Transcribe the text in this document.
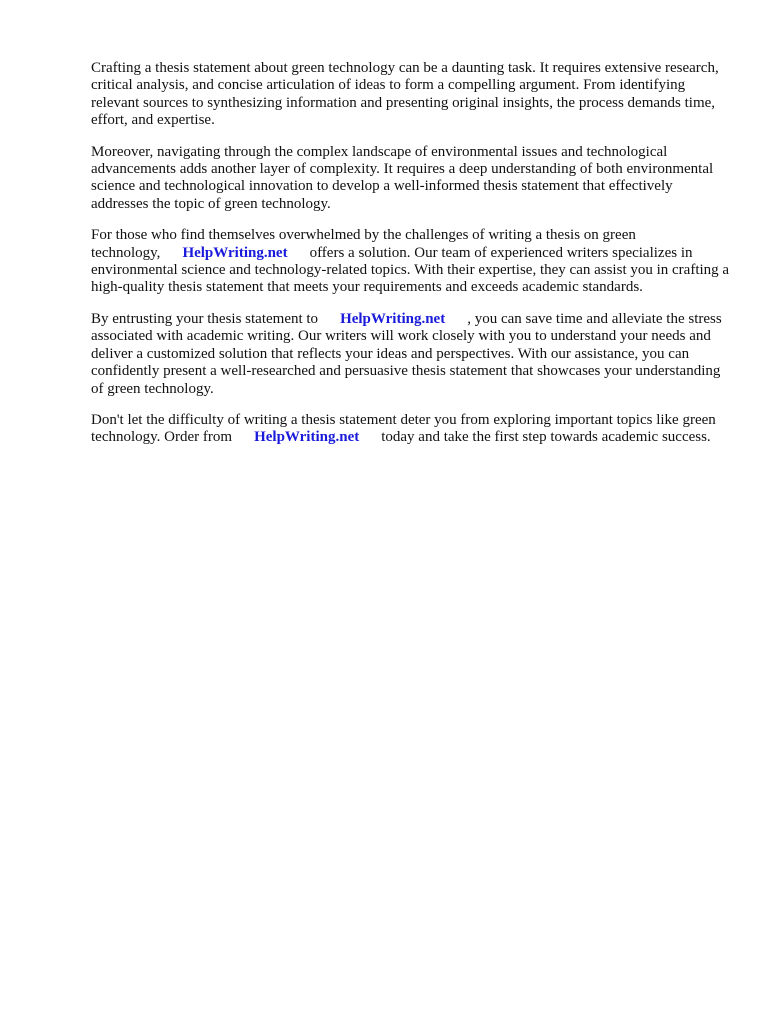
Crafting a thesis statement about green technology can be a daunting task. It requires extensive research, critical analysis, and concise articulation of ideas to form a compelling argument. From identifying relevant sources to synthesizing information and presenting original insights, the process demands time, effort, and expertise.

Moreover, navigating through the complex landscape of environmental issues and technological advancements adds another layer of complexity. It requires a deep understanding of both environmental science and technological innovation to develop a well-informed thesis statement that effectively addresses the topic of green technology.

For those who find themselves overwhelmed by the challenges of writing a thesis on green technology, HelpWriting.net offers a solution. Our team of experienced writers specializes in environmental science and technology-related topics. With their expertise, they can assist you in crafting a high-quality thesis statement that meets your requirements and exceeds academic standards.

By entrusting your thesis statement to HelpWriting.net , you can save time and alleviate the stress associated with academic writing. Our writers will work closely with you to understand your needs and deliver a customized solution that reflects your ideas and perspectives. With our assistance, you can confidently present a well-researched and persuasive thesis statement that showcases your understanding of green technology.

Don't let the difficulty of writing a thesis statement deter you from exploring important topics like green technology. Order from HelpWriting.net today and take the first step towards academic success.
